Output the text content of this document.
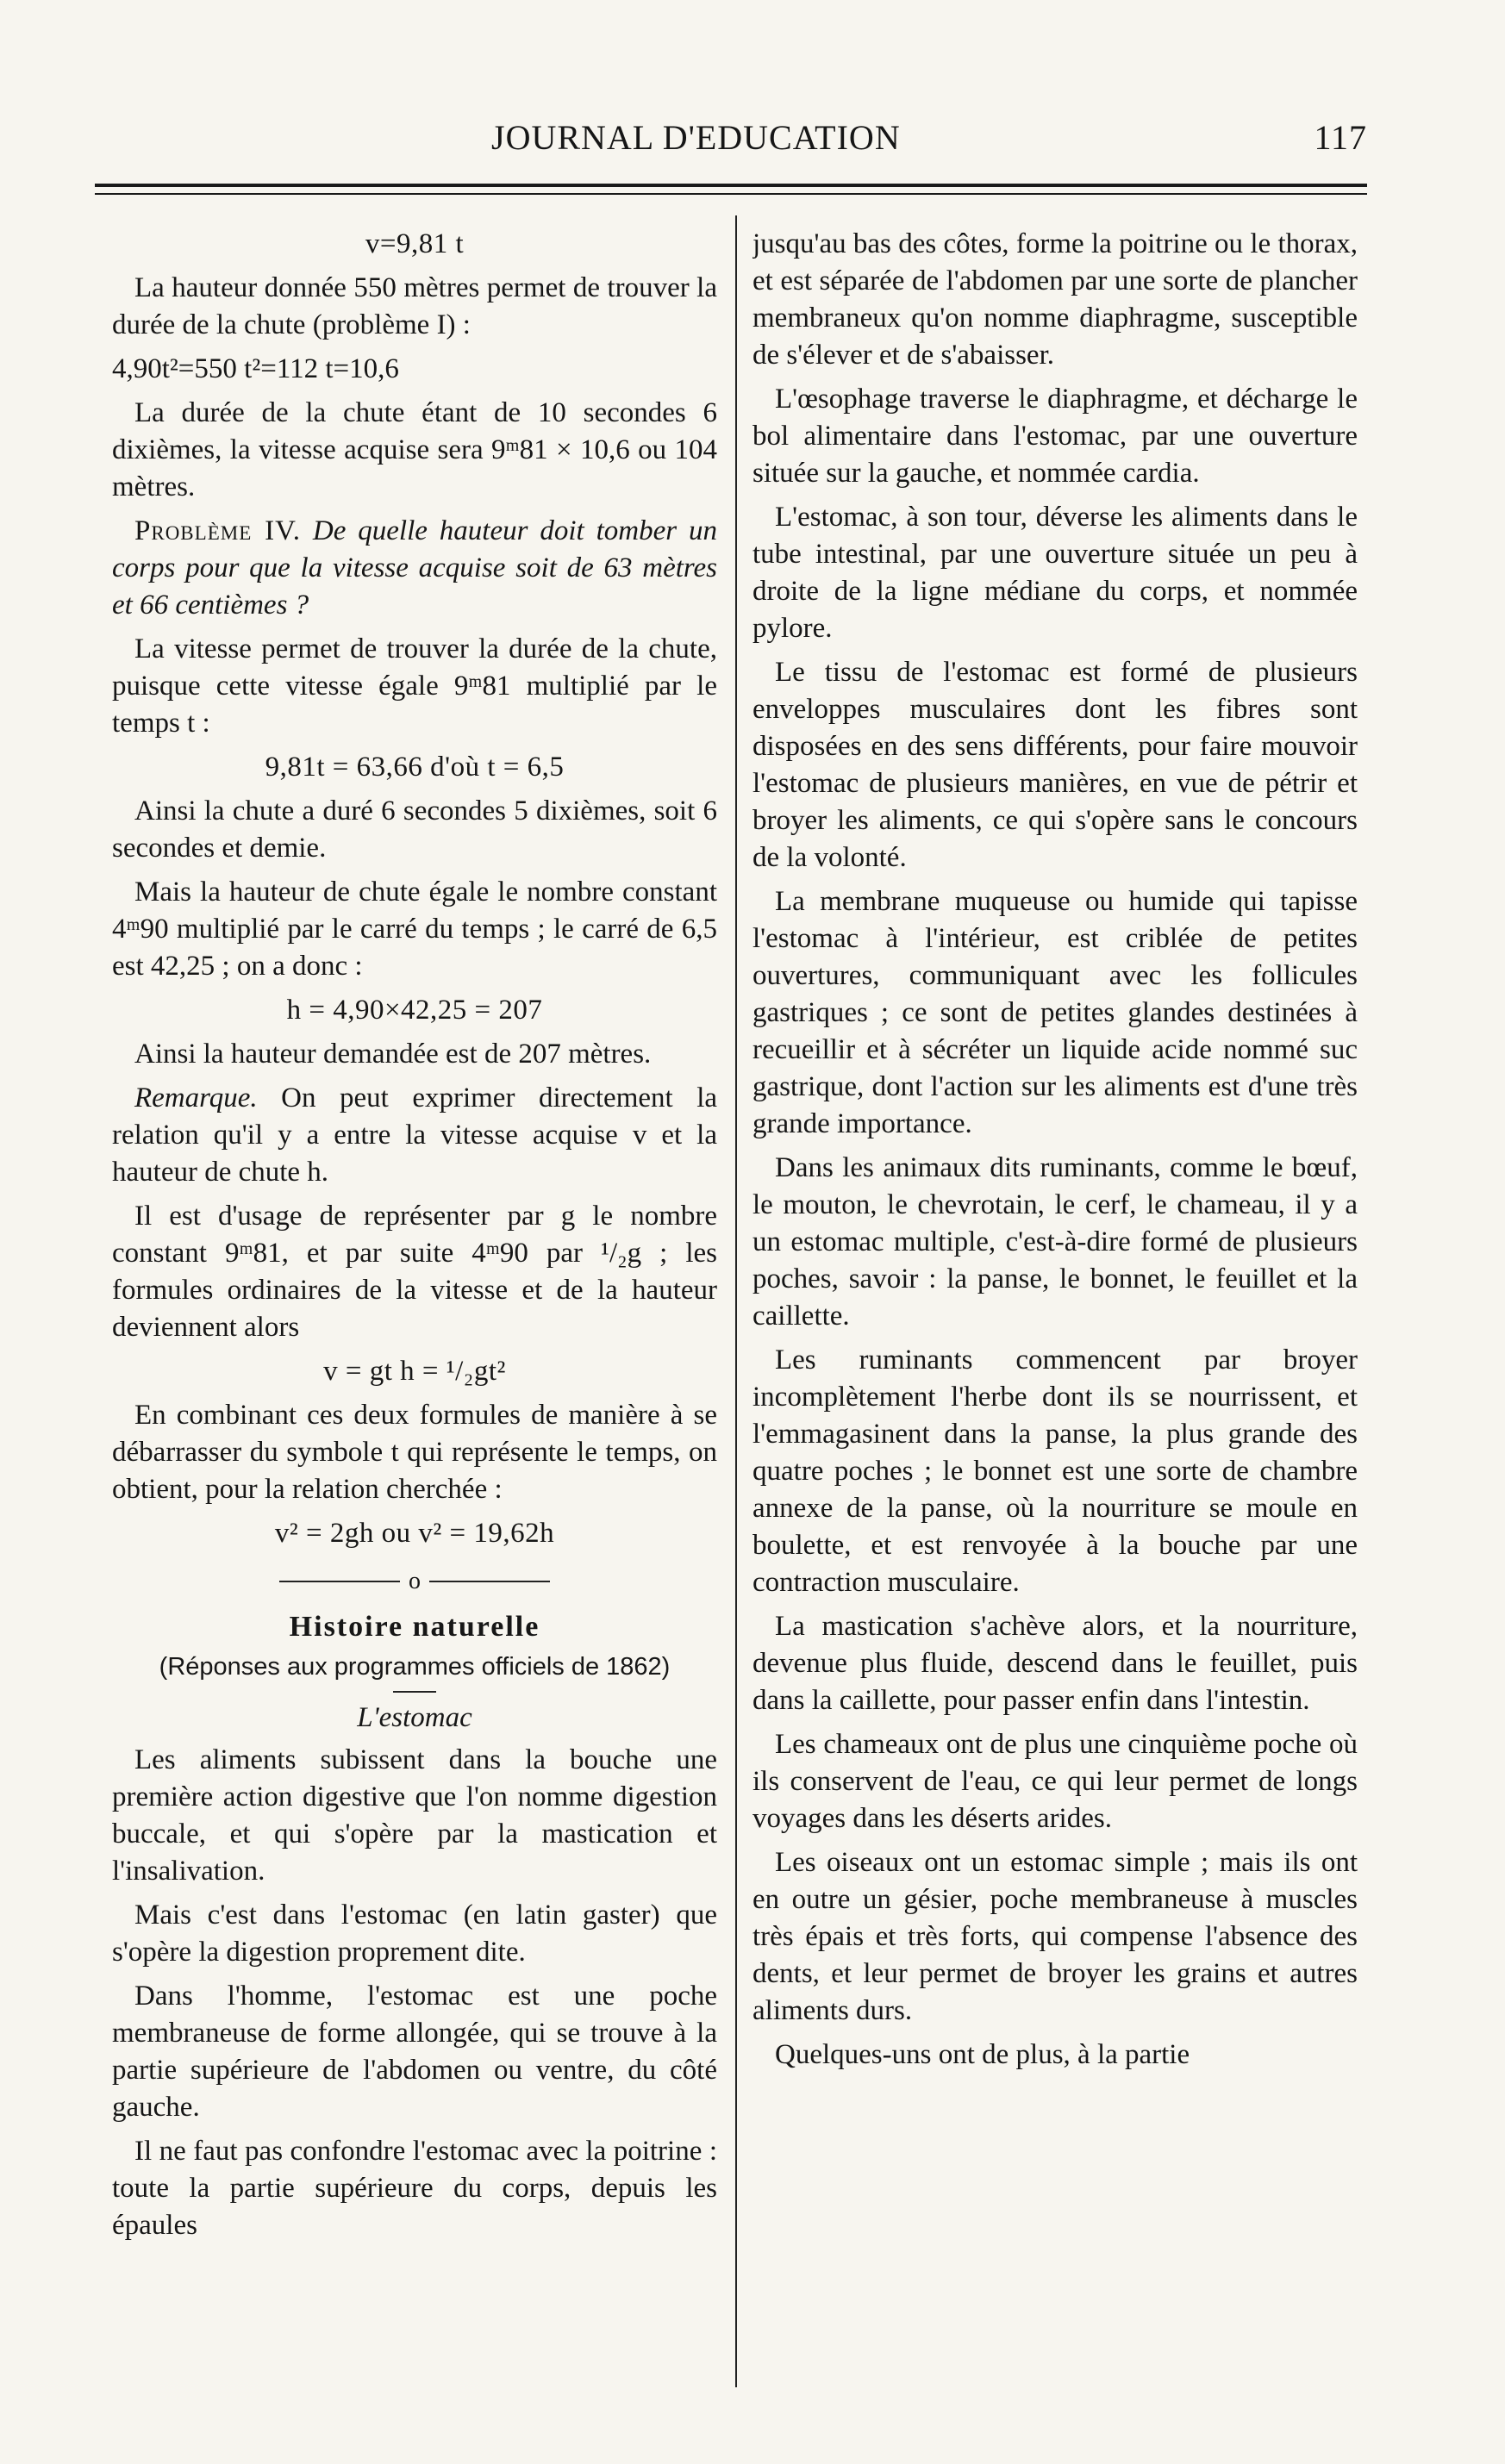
JOURNAL D'EDUCATION	117

v=9,81 t

La hauteur donnée 550 mètres permet de trouver la durée de la chute (problème I) :

4,90t²=550 t²=112 t=10,6

La durée de la chute étant de 10 secondes 6 dixièmes, la vitesse acquise sera 9ᵐ81 × 10,6 ou 104 mètres.

Problème IV. De quelle hauteur doit tomber un corps pour que la vitesse acquise soit de 63 mètres et 66 centièmes ?

La vitesse permet de trouver la durée de la chute, puisque cette vitesse égale 9ᵐ81 multiplié par le temps t :

9,81t = 63,66 d'où t = 6,5

Ainsi la chute a duré 6 secondes 5 dixièmes, soit 6 secondes et demie.

Mais la hauteur de chute égale le nombre constant 4ᵐ90 multiplié par le carré du temps ; le carré de 6,5 est 42,25 ; on a donc :

h = 4,90×42,25 = 207

Ainsi la hauteur demandée est de 207 mètres.

Remarque. On peut exprimer directement la relation qu'il y a entre la vitesse acquise v et la hauteur de chute h.

Il est d'usage de représenter par g le nombre constant 9ᵐ81, et par suite 4ᵐ90 par ¹/₂g ; les formules ordinaires de la vitesse et de la hauteur deviennent alors

v = gt h = ¹/₂gt²

En combinant ces deux formules de manière à se débarrasser du symbole t qui représente le temps, on obtient, pour la relation cherchée :

v² = 2gh ou v² = 19,62h

o
Histoire naturelle
(Réponses aux programmes officiels de 1862)
L'estomac

Les aliments subissent dans la bouche une première action digestive que l'on nomme digestion buccale, et qui s'opère par la mastication et l'insalivation.

Mais c'est dans l'estomac (en latin gaster) que s'opère la digestion proprement dite.

Dans l'homme, l'estomac est une poche membraneuse de forme allongée, qui se trouve à la partie supérieure de l'abdomen ou ventre, du côté gauche.

Il ne faut pas confondre l'estomac avec la poitrine : toute la partie supérieure du corps, depuis les épaules

jusqu'au bas des côtes, forme la poitrine ou le thorax, et est séparée de l'abdomen par une sorte de plancher membraneux qu'on nomme diaphragme, susceptible de s'élever et de s'abaisser.

L'œsophage traverse le diaphragme, et décharge le bol alimentaire dans l'estomac, par une ouverture située sur la gauche, et nommée cardia.

L'estomac, à son tour, déverse les aliments dans le tube intestinal, par une ouverture située un peu à droite de la ligne médiane du corps, et nommée pylore.

Le tissu de l'estomac est formé de plusieurs enveloppes musculaires dont les fibres sont disposées en des sens différents, pour faire mouvoir l'estomac de plusieurs manières, en vue de pétrir et broyer les aliments, ce qui s'opère sans le concours de la volonté.

La membrane muqueuse ou humide qui tapisse l'estomac à l'intérieur, est criblée de petites ouvertures, communiquant avec les follicules gastriques ; ce sont de petites glandes destinées à recueillir et à sécréter un liquide acide nommé suc gastrique, dont l'action sur les aliments est d'une très grande importance.

Dans les animaux dits ruminants, comme le bœuf, le mouton, le chevrotain, le cerf, le chameau, il y a un estomac multiple, c'est-à-dire formé de plusieurs poches, savoir : la panse, le bonnet, le feuillet et la caillette.

Les ruminants commencent par broyer incomplètement l'herbe dont ils se nourrissent, et l'emmagasinent dans la panse, la plus grande des quatre poches ; le bonnet est une sorte de chambre annexe de la panse, où la nourriture se moule en boulette, et est renvoyée à la bouche par une contraction musculaire.

La mastication s'achève alors, et la nourriture, devenue plus fluide, descend dans le feuillet, puis dans la caillette, pour passer enfin dans l'intestin.

Les chameaux ont de plus une cinquième poche où ils conservent de l'eau, ce qui leur permet de longs voyages dans les déserts arides.

Les oiseaux ont un estomac simple ; mais ils ont en outre un gésier, poche membraneuse à muscles très épais et très forts, qui compense l'absence des dents, et leur permet de broyer les grains et autres aliments durs.

Quelques-uns ont de plus, à la partie
